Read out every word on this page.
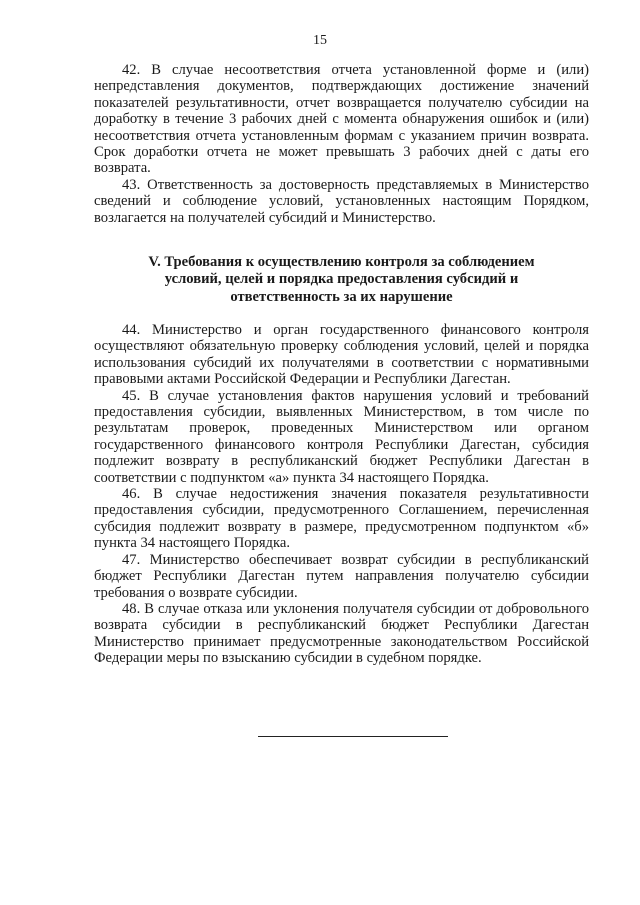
15

42. В случае несоответствия отчета установленной форме и (или) непредставления документов, подтверждающих достижение значений показателей результативности, отчет возвращается получателю субсидии на доработку в течение 3 рабочих дней с момента обнаружения ошибок и (или) несоответствия отчета установленным формам с указанием причин возврата. Срок доработки отчета не может превышать 3 рабочих дней с даты его возврата.

43. Ответственность за достоверность представляемых в Министерство сведений и соблюдение условий, установленных настоящим Порядком, возлагается на получателей субсидий и Министерство.

V. Требования к осуществлению контроля за соблюдением
условий, целей и порядка предоставления субсидий и
ответственность за их нарушение

44. Министерство и орган государственного финансового контроля осуществляют обязательную проверку соблюдения условий, целей и порядка использования субсидий их получателями в соответствии с нормативными правовыми актами Российской Федерации и Республики Дагестан.

45. В случае установления фактов нарушения условий и требований предоставления субсидии, выявленных Министерством, в том числе по результатам проверок, проведенных Министерством или органом государственного финансового контроля Республики Дагестан, субсидия подлежит возврату в республиканский бюджет Республики Дагестан в соответствии с подпунктом «а» пункта 34 настоящего Порядка.

46. В случае недостижения значения показателя результативности предоставления субсидии, предусмотренного Соглашением, перечисленная субсидия подлежит возврату в размере, предусмотренном подпунктом «б» пункта 34 настоящего Порядка.

47. Министерство обеспечивает возврат субсидии в республиканский бюджет Республики Дагестан путем направления получателю субсидии требования о возврате субсидии.

48. В случае отказа или уклонения получателя субсидии от добровольного возврата субсидии в республиканский бюджет Республики Дагестан Министерство принимает предусмотренные законодательством Российской Федерации меры по взысканию субсидии в судебном порядке.
